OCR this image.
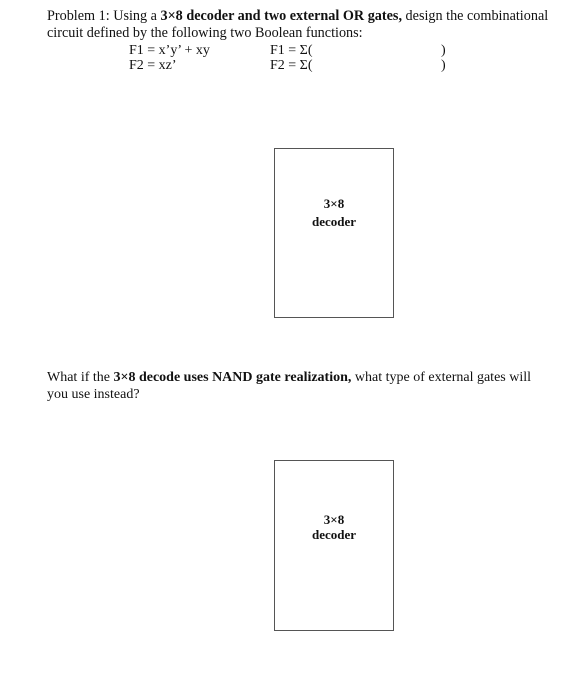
Problem 1: Using a 3×8 decoder and two external OR gates, design the combinational
circuit defined by the following two Boolean functions:
F1 = x’y’ + xy
F2 = xz’
F1 = Σ(
F2 = Σ(
)
)
3×8
decoder
What if the 3×8 decode uses NAND gate realization, what type of external gates will
you use instead?
3×8
decoder
